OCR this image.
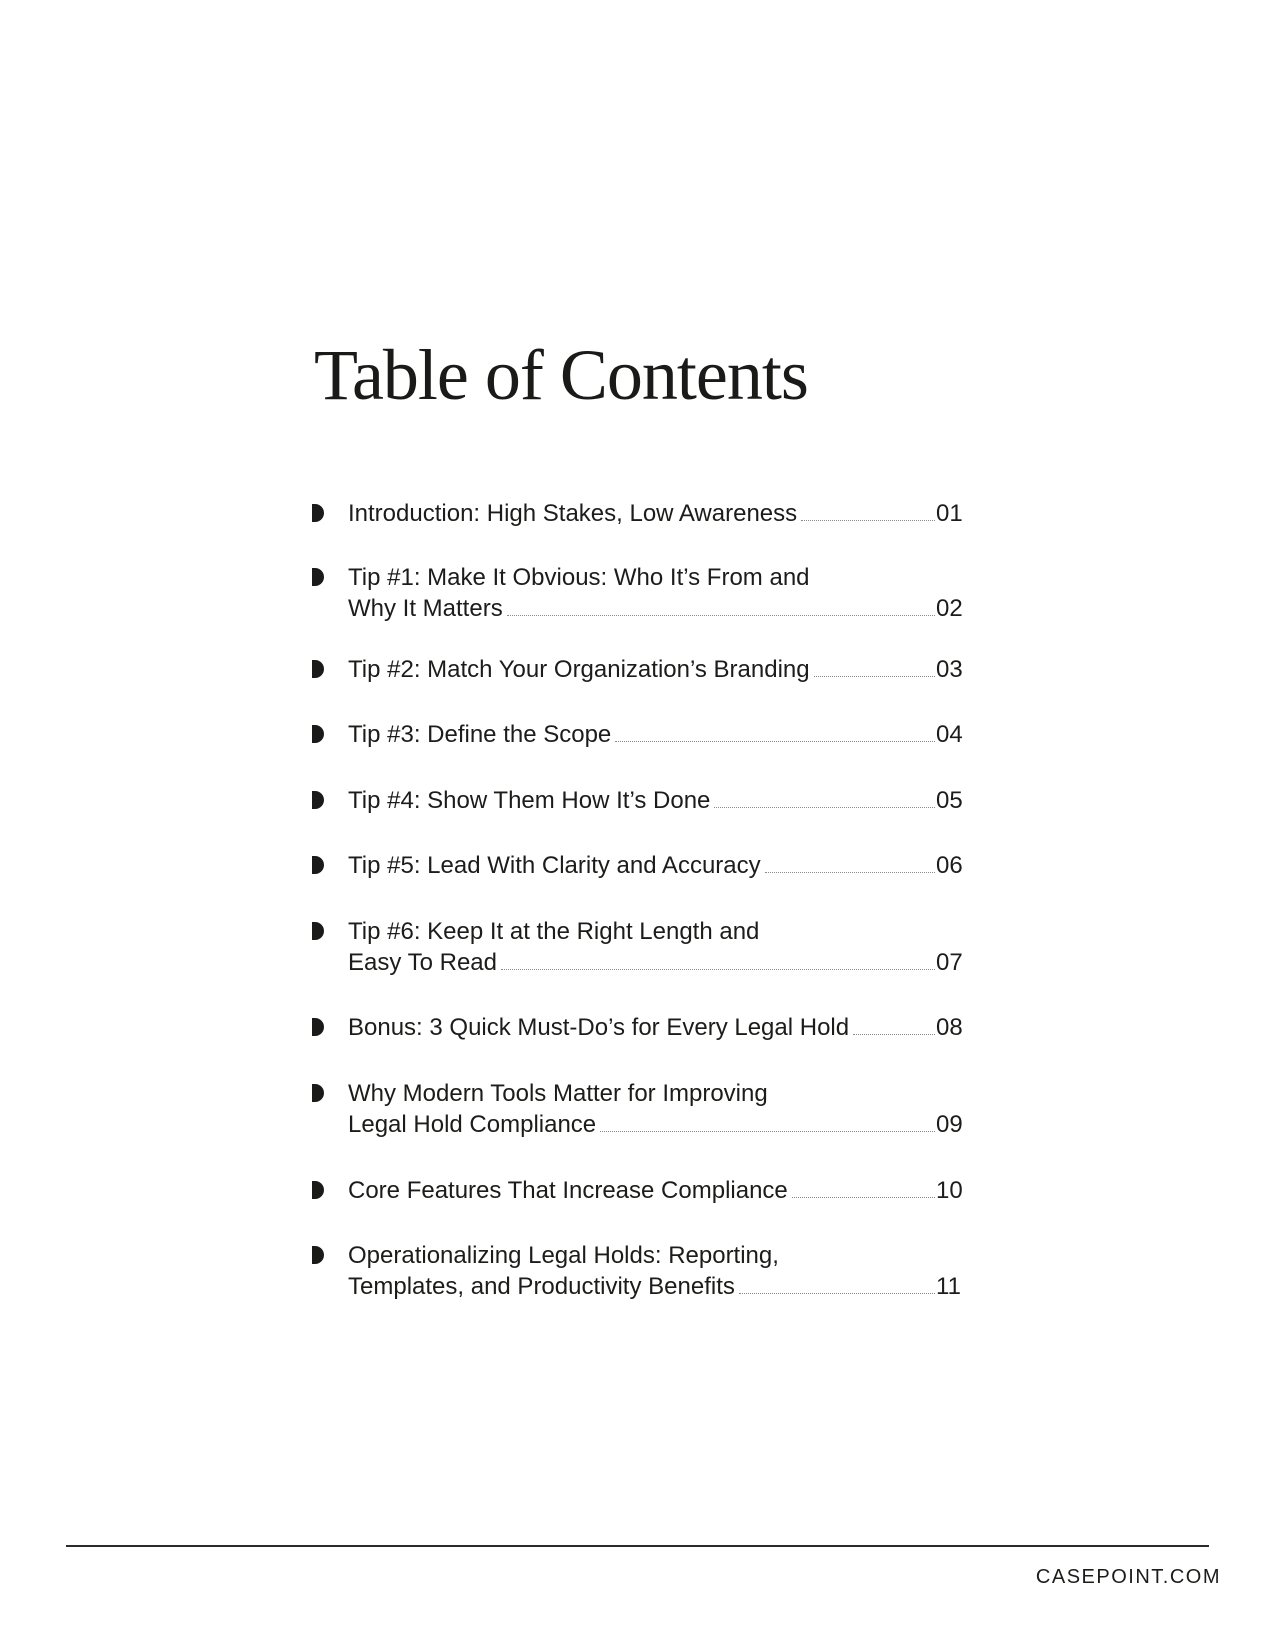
Table of Contents
Introduction: High Stakes, Low Awareness	01
Tip #1: Make It Obvious: Who It’s From and
Why It Matters	02
Tip #2: Match Your Organization’s Branding	03
Tip #3: Define the Scope	04
Tip #4: Show Them How It’s Done	05
Tip #5: Lead With Clarity and Accuracy	06
Tip #6: Keep It at the Right Length and
Easy To Read	07
Bonus: 3 Quick Must-Do’s for Every Legal Hold	08
Why Modern Tools Matter for Improving
Legal Hold Compliance	09
Core Features That Increase Compliance	10
Operationalizing Legal Holds: Reporting,
Templates, and Productivity Benefits	11
CASEPOINT.COM
